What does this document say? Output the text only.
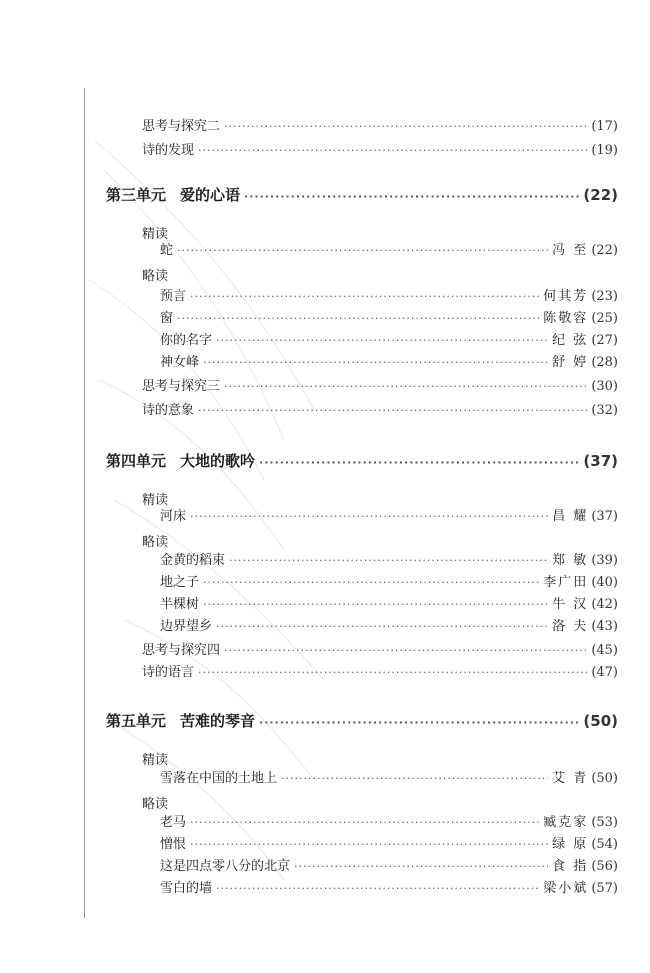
思考与探究二 ·····	(17)
诗的发现 ·····	(19)
第三单元 爱的心语 ·····	(22)
精读
蛇 ·····	冯 至 (22)
略读
预言 ·····	何其芳 (23)
窗 ·····	陈敬容 (25)
你的名字 ·····	纪 弦 (27)
神女峰 ·····	舒 婷 (28)
思考与探究三 ·····	(30)
诗的意象 ·····	(32)
第四单元 大地的歌吟 ·····	(37)
精读
河床 ·····	昌 耀 (37)
略读
金黄的稻束 ·····	郑 敏 (39)
地之子 ·····	李广田 (40)
半棵树 ·····	牛 汉 (42)
边界望乡 ·····	洛 夫 (43)
思考与探究四 ·····	(45)
诗的语言 ·····	(47)
第五单元 苦难的琴音 ·····	(50)
精读
雪落在中国的土地上 ·····	艾 青 (50)
略读
老马 ·····	臧克家 (53)
憎恨 ·····	绿 原 (54)
这是四点零八分的北京 ·····	食 指 (56)
雪白的墙 ·····	梁小斌 (57)
